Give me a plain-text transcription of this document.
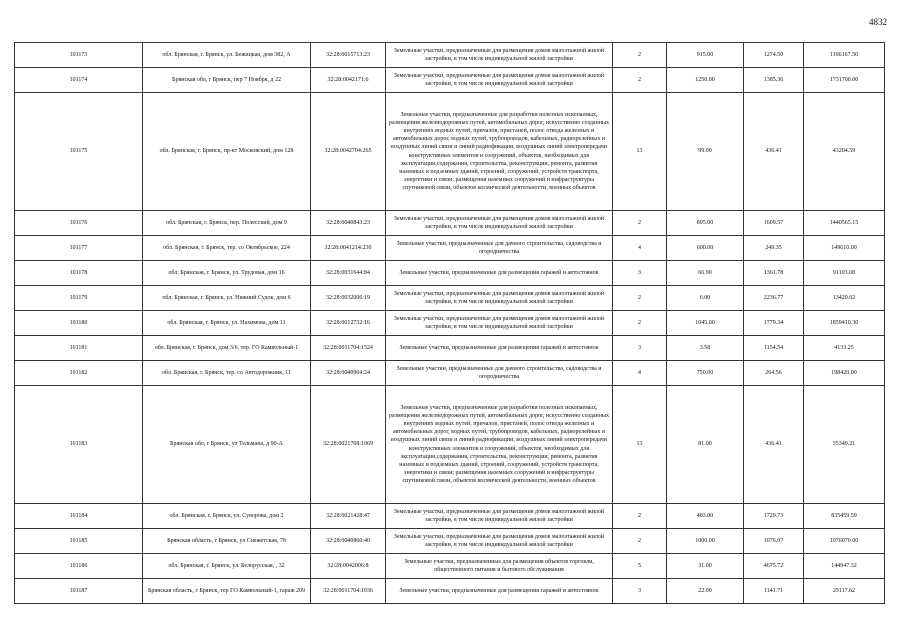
4832
101173	обл. Брянская, г. Брянск, ул. Бежицкая, дом 382, А	32:28:0015713:23	Земельные участки, предназначенные для размещения домов малоэтажной жилой застройки, в том числе индивидуальной жилой застройки	2	915.00	1274.50	1166167.50
101174	Брянская обл, г Брянск, пер 7 Ноября, д 22	32:28:0042171:6	Земельные участки, предназначенные для размещения домов малоэтажной жилой застройки, в том числе индивидуальной жилой застройки	2	1250.00	1385.36	1731700.00
101175	обл. Брянская, г. Брянск, пр-кт Московский, дом 128	32:28:0042704:265	Земельные участки, предназначенные для разработки полезных ископаемых, размещения железнодорожных путей, автомобильных дорог, искусственно созданных внутренних водных путей, причалов, пристаней, полос отвода железных и автомобильных дорог, водных путей, трубопроводов, кабельных, радиорелейных и воздушных линий связи и линий радиофикации, воздушных линий электропередачи конструктивных элементов и сооружений, объектов, необходимых для эксплуатации,содержания, строительства, реконструкции, ремонта, развития наземных и подземных зданий, строений, сооружений, устройств транспорта, энергетики и связи; размещения наземных сооружений и инфраструктуры спутниковой связи, объектов космической деятельности, военных объектов	13	99.00	436.41	43204.59
101176	обл. Брянская, г. Брянск, пер. Полесский, дом 9	32:28:0040843:23	Земельные участки, предназначенные для размещения домов малоэтажной жилой застройки, в том числе индивидуальной жилой застройки	2	895.00	1609.57	1440565.15
101177	обл. Брянская, г. Брянск, тер. со Октябрьское, 224	32:28:0041214:230	Земельные участки, предназначенные для дачного строительства, садоводства и огородничества	4	600.00	249.35	149610.00
101178	обл. Брянская, г. Брянск, ул. Трудовая, дом 16	32:28:0031644:84	Земельные участки, предназначенные для размещения гаражей и автостоянок	3	66.90	1361.78	91103.08
101179	обл. Брянская, г. Брянск, ул. Нижний Судок, дом 6	32:28:0032006:19	Земельные участки, предназначенные для размещения домов малоэтажной жилой застройки, в том числе индивидуальной жилой застройки	2	6.00	2236.77	13420.62
101180	обл. Брянская, г. Брянск, ул. Нахимова, дом 11	32:28:0012732:16	Земельные участки, предназначенные для размещения домов малоэтажной жилой застройки, в том числе индивидуальной жилой застройки	2	1045.00	1779.34	1859410.30
101181	обл. Брянская, г. Брянск, дом 3/6, тер. ГО Камвольный-1	32:28:0011704:1524	Земельные участки, предназначенные для размещения гаражей и автостоянок	3	3.58	1154.54	4133.25
101182	обл. Брянская, г. Брянск, тер. со Автодорожник, 11	32:28:0040904:24	Земельные участки, предназначенные для дачного строительства, садоводства и огородничества	4	750.00	264.56	198420.00
101183	Брянская обл, г Брянск, ул Тельмана, д 90-А	32:28:0021708:1069	Земельные участки, предназначенные для разработки полезных ископаемых, размещения железнодорожных путей, автомобильных дорог, искусственно созданных внутренних водных путей, причалов, пристаней, полос отвода железных и автомобильных дорог, водных путей, трубопроводов, кабельных, радиорелейных и воздушных линий связи и линий радиофикации, воздушных линий электропередачи конструктивных элементов и сооружений, объектов, необходимых для эксплуатации,содержания, строительства, реконструкции, ремонта, развития наземных и подземных зданий, строений, сооружений, устройств транспорта, энергетики и связи; размещения наземных сооружений и инфраструктуры спутниковой связи, объектов космической деятельности, военных объектов	13	81.00	436.41	35349.21
101184	обл. Брянская, г. Брянск, ул. Суворова, дом 2	32:28:0021428:47	Земельные участки, предназначенные для размещения домов малоэтажной жилой застройки, в том числе индивидуальной жилой застройки	2	483.00	1729.73	835459.59
101185	Брянская область, г Брянск, ул Снежетская, 78	32:28:0040860:40	Земельные участки, предназначенные для размещения домов малоэтажной жилой застройки, в том числе индивидуальной жилой застройки	2	1000.00	1076.07	1076070.00
101186	обл. Брянская, г. Брянск, ул. Белорусская, , 32	32:28:0042006:8	Земельные участки, предназначенные для размещения объектов торговли, общественного питания и бытового обслуживания	5	31.00	4675.72	144947.32
101187	Брянская область, г Брянск, тер ГО Камвольный-1, гараж 209	32:28:0011704:1936	Земельные участки, предназначенные для размещения гаражей и автостоянок	3	22.00	1141.71	25117.62
